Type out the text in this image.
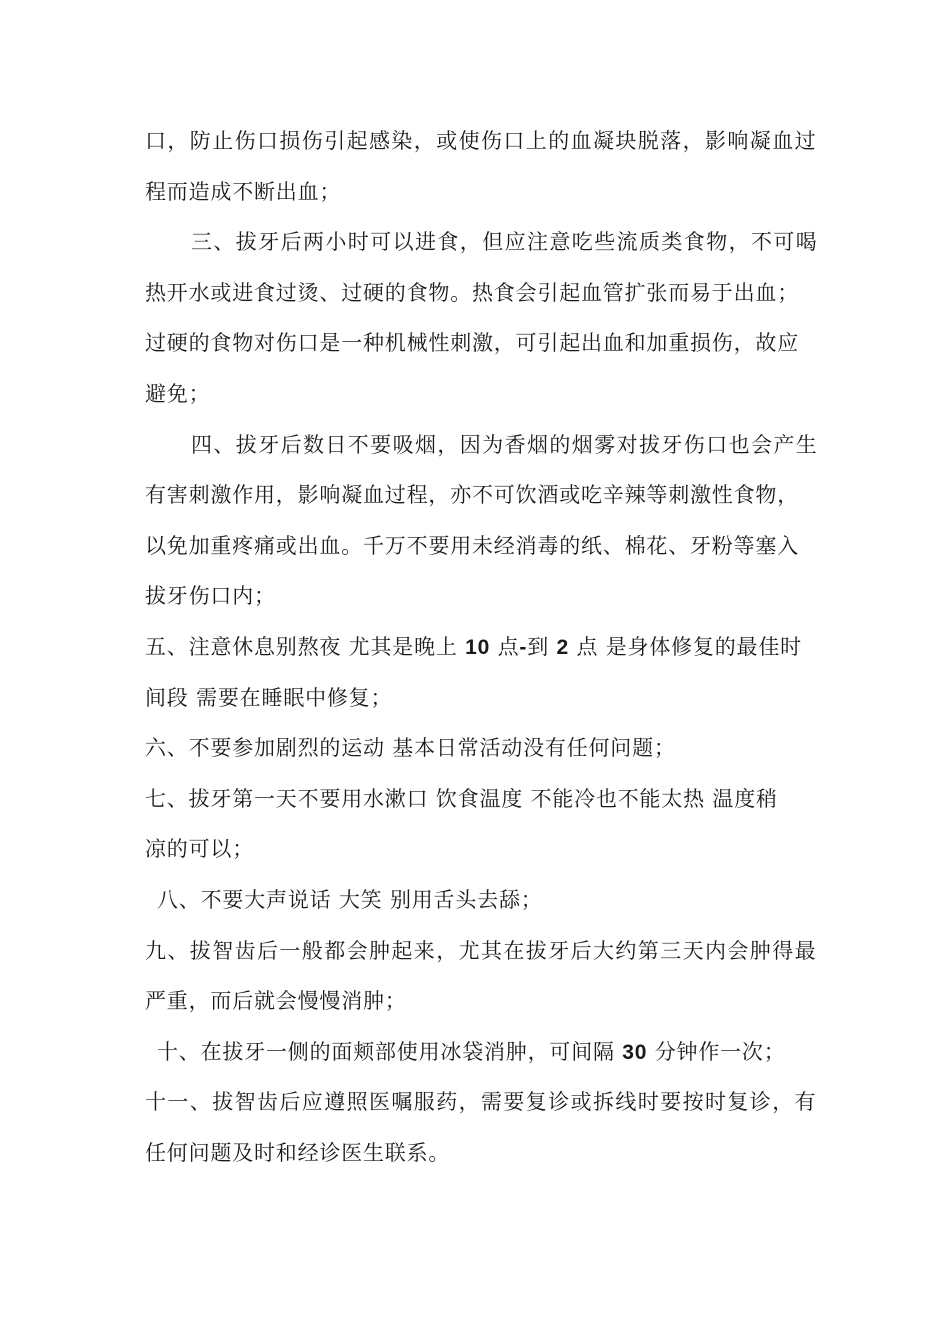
口，防止伤口损伤引起感染，或使伤口上的血凝块脱落，影响凝血过
程而造成不断出血；
三、拔牙后两小时可以进食，但应注意吃些流质类食物，不可喝
热开水或进食过烫、过硬的食物。热食会引起血管扩张而易于出血；
过硬的食物对伤口是一种机械性刺激，可引起出血和加重损伤，故应
避免；
四、拔牙后数日不要吸烟，因为香烟的烟雾对拔牙伤口也会产生
有害刺激作用，影响凝血过程，亦不可饮酒或吃辛辣等刺激性食物，
以免加重疼痛或出血。千万不要用未经消毒的纸、棉花、牙粉等塞入
拔牙伤口内；
五、注意休息别熬夜 尤其是晚上 10 点-到 2 点 是身体修复的最佳时
间段 需要在睡眠中修复；
六、不要参加剧烈的运动 基本日常活动没有任何问题；
七、拔牙第一天不要用水漱口 饮食温度 不能冷也不能太热 温度稍
凉的可以；
八、不要大声说话 大笑 别用舌头去舔；
九、拔智齿后一般都会肿起来，尤其在拔牙后大约第三天内会肿得最
严重，而后就会慢慢消肿；
十、在拔牙一侧的面颊部使用冰袋消肿，可间隔 30 分钟作一次；
十一、拔智齿后应遵照医嘱服药，需要复诊或拆线时要按时复诊，有
任何问题及时和经诊医生联系。
